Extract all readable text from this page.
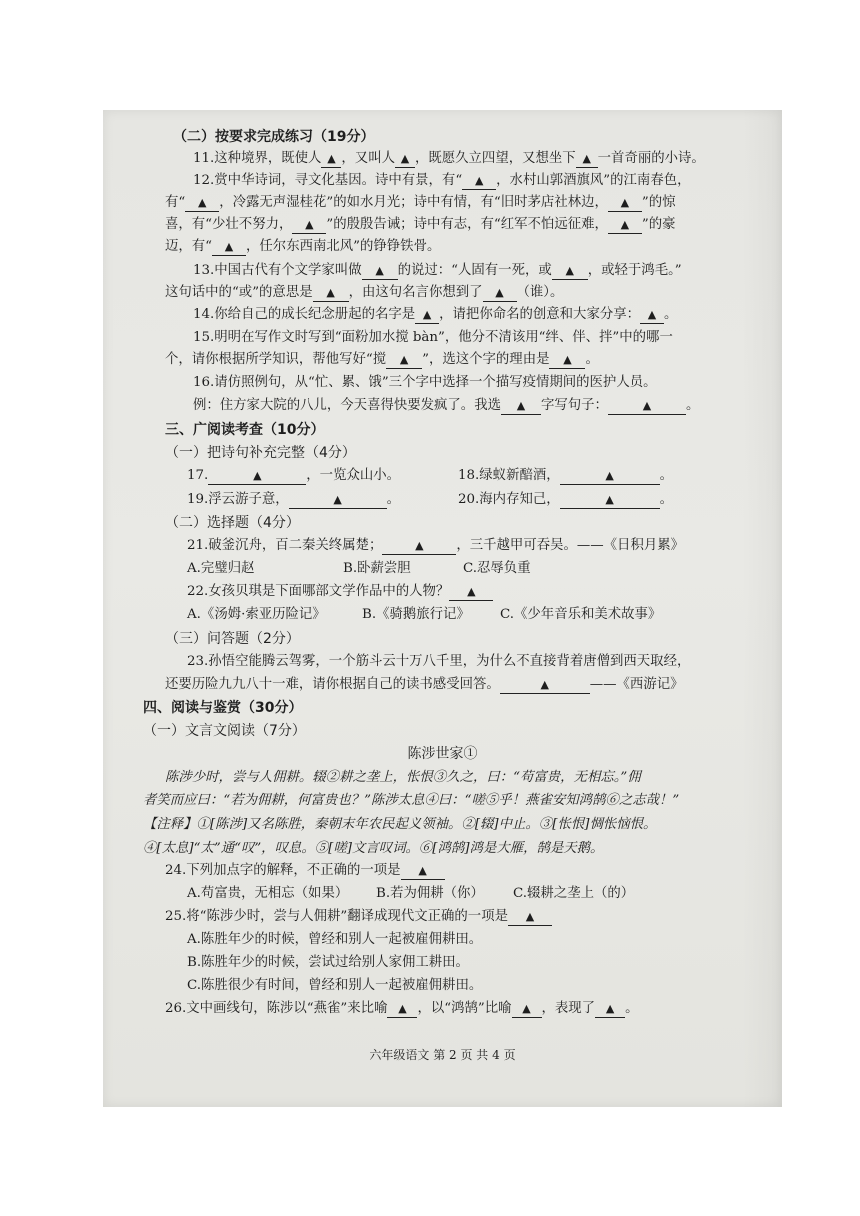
（二）按要求完成练习（19分）
11.这种境界，既使人 ▲ ，又叫人 ▲ ，既愿久立四望，又想坐下 ▲ 一首奇丽的小诗。
12.赏中华诗词，寻文化基因。诗中有景，有“ ▲	，水村山郭酒旗风”的江南春色，
有“ ▲	，冷露无声湿桂花”的如水月光；诗中有情，有“旧时茅店社林边， ▲	”的惊
喜，有“少壮不努力， ▲	”的殷殷告诫；诗中有志，有“红军不怕远征难， ▲	”的豪
迈，有“ ▲	，任尔东西南北风”的铮铮铁骨。
13.中国古代有个文学家叫做 ▲	的说过：“人固有一死，或 ▲	，或轻于鸿毛。”
这句话中的“或”的意思是 ▲	，由这句名言你想到了 ▲	（谁）。
14.你给自己的成长纪念册起的名字是 ▲ ，请把你命名的创意和大家分享： ▲ 。
15.明明在写作文时写到“面粉加水搅 bàn”，他分不清该用“绊、伴、拌”中的哪一
个，请你根据所学知识，帮他写好“搅 ▲	”，选这个字的理由是 ▲	。
16.请仿照例句，从“忙、累、饿”三个字中选择一个描写疫情期间的医护人员。
例：住方家大院的八儿，今天喜得快要发疯了。我选 ▲	字写句子： ▲	。
三、广阅读考查（10分）
（一）把诗句补充完整（4分）
17. ▲	，一览众山小。	18.绿蚁新醅酒， ▲	。
19.浮云游子意， ▲	。	20.海内存知己， ▲	。
（二）选择题（4分）
21.破釜沉舟，百二秦关终属楚； ▲	，三千越甲可吞吴。——《日积月累》
A.完璧归赵	B.卧薪尝胆	C.忍辱负重
22.女孩贝琪是下面哪部文学作品中的人物？▲
A.《汤姆·索亚历险记》	B.《骑鹅旅行记》 C.《少年音乐和美术故事》
（三）问答题（2分）
23.孙悟空能腾云驾雾，一个筋斗云十万八千里，为什么不直接背着唐僧到西天取经，
还要历险九九八十一难，请你根据自己的读书感受回答。 ▲	——《西游记》
四、阅读与鉴赏（30分）
（一）文言文阅读（7分）
陈涉世家①
陈涉少时，尝与人佣耕。辍②耕之垄上，怅恨③久之，曰：“苟富贵，无相忘。”佣
者笑而应曰：“若为佣耕，何富贵也？”陈涉太息④曰：“嗟⑤乎！燕雀安知鸿鹄⑥之志哉！”
【注释】①[陈涉]又名陈胜，秦朝末年农民起义领袖。②[辍]中止。③[怅恨]惆怅恼恨。
④[太息]“太”通“叹”，叹息。⑤[嗟]文言叹词。⑥[鸿鹄]鸿是大雁，鹄是天鹅。
24.下列加点字的解释，不正确的一项是▲
A.苟富贵，无相忘（如果） B.若为佣耕（你） C.辍耕之垄上（的）
25.将“陈涉少时，尝与人佣耕”翻译成现代文正确的一项是▲
A.陈胜年少的时候，曾经和别人一起被雇佣耕田。
B.陈胜年少的时候，尝试过给别人家佣工耕田。
C.陈胜很少有时间，曾经和别人一起被雇佣耕田。
26.文中画线句，陈涉以“燕雀”来比喻 ▲ ，以“鸿鹄”比喻 ▲ ，表现了 ▲ 。
六年级语文 第 2 页 共 4 页
